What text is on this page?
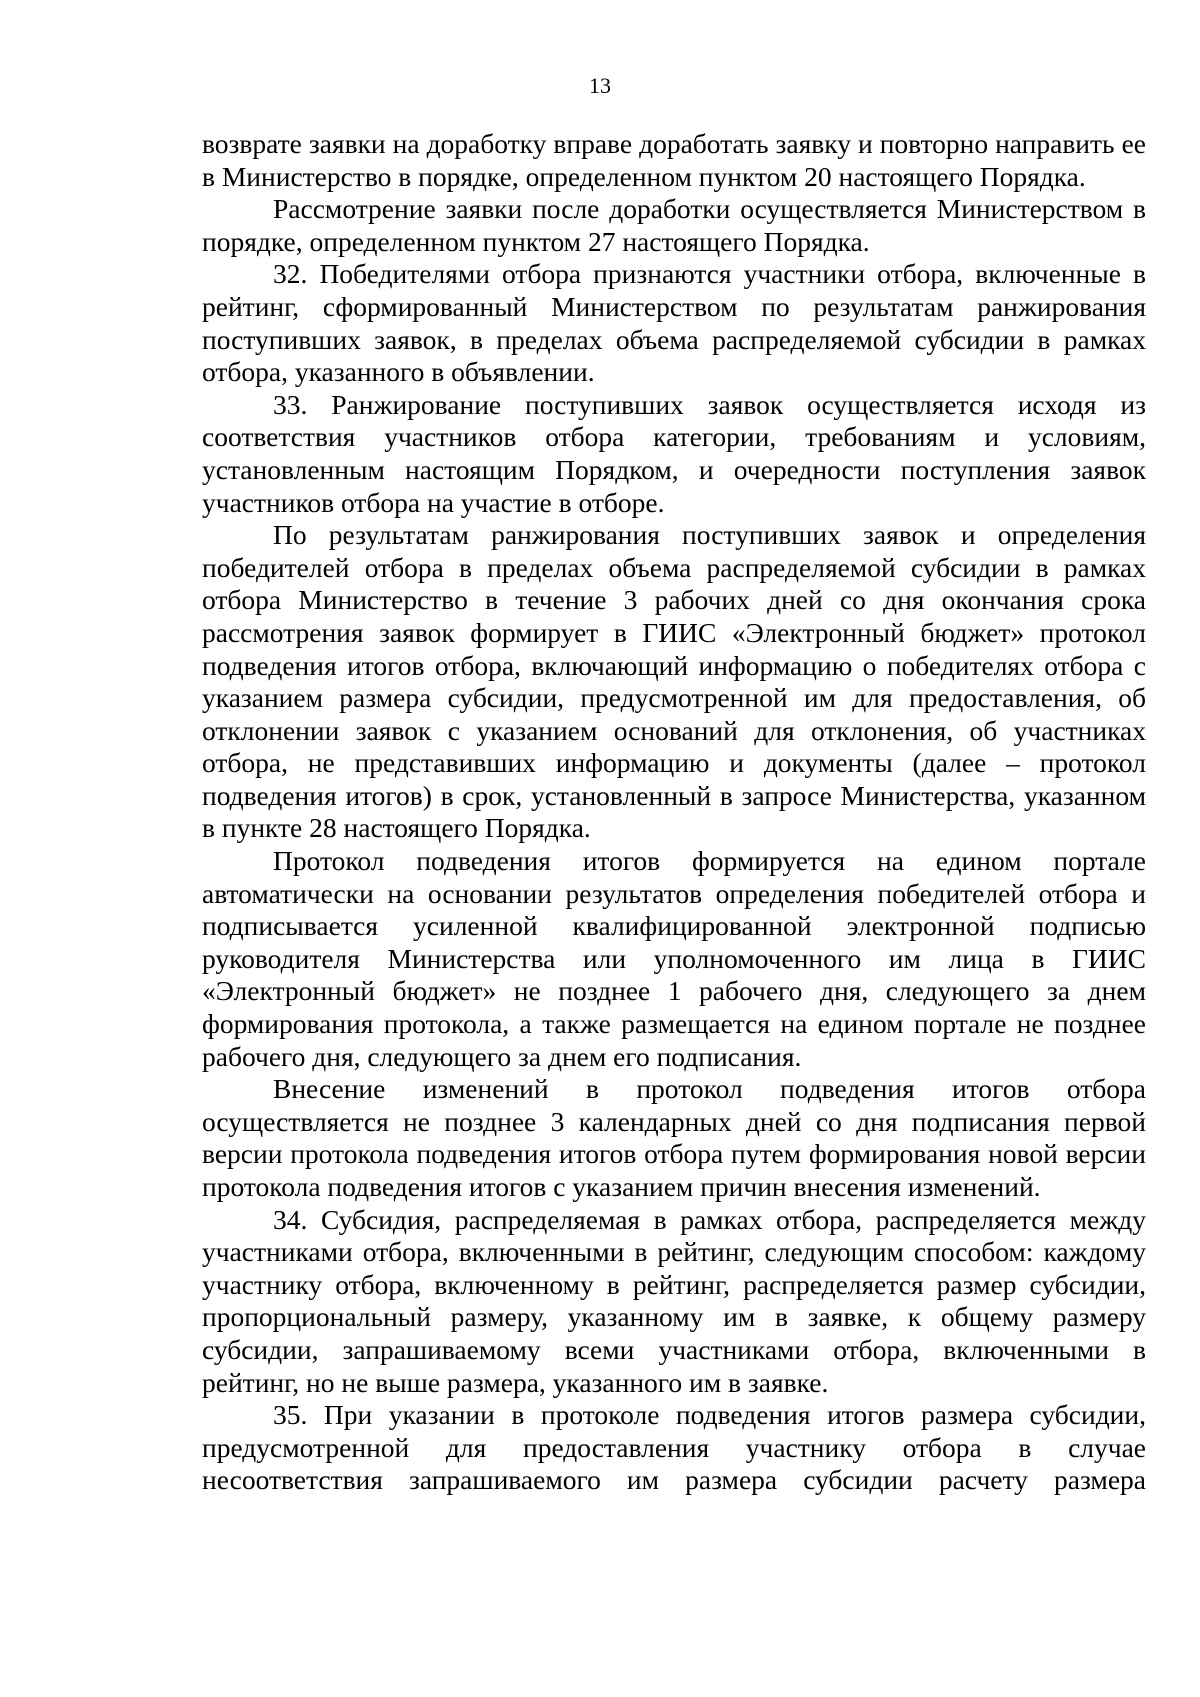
13

возврате заявки на доработку вправе доработать заявку и повторно направить ее в Министерство в порядке, определенном пунктом 20 настоящего Порядка.

Рассмотрение заявки после доработки осуществляется Министерством в порядке, определенном пунктом 27 настоящего Порядка.

32. Победителями отбора признаются участники отбора, включенные в рейтинг, сформированный Министерством по результатам ранжирования поступивших заявок, в пределах объема распределяемой субсидии в рамках отбора, указанного в объявлении.

33. Ранжирование поступивших заявок осуществляется исходя из соответствия участников отбора категории, требованиям и условиям, установленным настоящим Порядком, и очередности поступления заявок участников отбора на участие в отборе.

По результатам ранжирования поступивших заявок и определения победителей отбора в пределах объема распределяемой субсидии в рамках отбора Министерство в течение 3 рабочих дней со дня окончания срока рассмотрения заявок формирует в ГИИС «Электронный бюджет» протокол подведения итогов отбора, включающий информацию о победителях отбора с указанием размера субсидии, предусмотренной им для предоставления, об отклонении заявок с указанием оснований для отклонения, об участниках отбора, не представивших информацию и документы (далее – протокол подведения итогов) в срок, установленный в запросе Министерства, указанном в пункте 28 настоящего Порядка.

Протокол подведения итогов формируется на едином портале автоматически на основании результатов определения победителей отбора и подписывается усиленной квалифицированной электронной подписью руководителя Министерства или уполномоченного им лица в ГИИС «Электронный бюджет» не позднее 1 рабочего дня, следующего за днем формирования протокола, а также размещается на едином портале не позднее рабочего дня, следующего за днем его подписания.

Внесение изменений в протокол подведения итогов отбора осуществляется не позднее 3 календарных дней со дня подписания первой версии протокола подведения итогов отбора путем формирования новой версии протокола подведения итогов с указанием причин внесения изменений.

34. Субсидия, распределяемая в рамках отбора, распределяется между участниками отбора, включенными в рейтинг, следующим способом: каждому участнику отбора, включенному в рейтинг, распределяется размер субсидии, пропорциональный размеру, указанному им в заявке, к общему размеру субсидии, запрашиваемому всеми участниками отбора, включенными в рейтинг, но не выше размера, указанного им в заявке.

35. При указании в протоколе подведения итогов размера субсидии, предусмотренной для предоставления участнику отбора в случае несоответствия запрашиваемого им размера субсидии расчету размера
